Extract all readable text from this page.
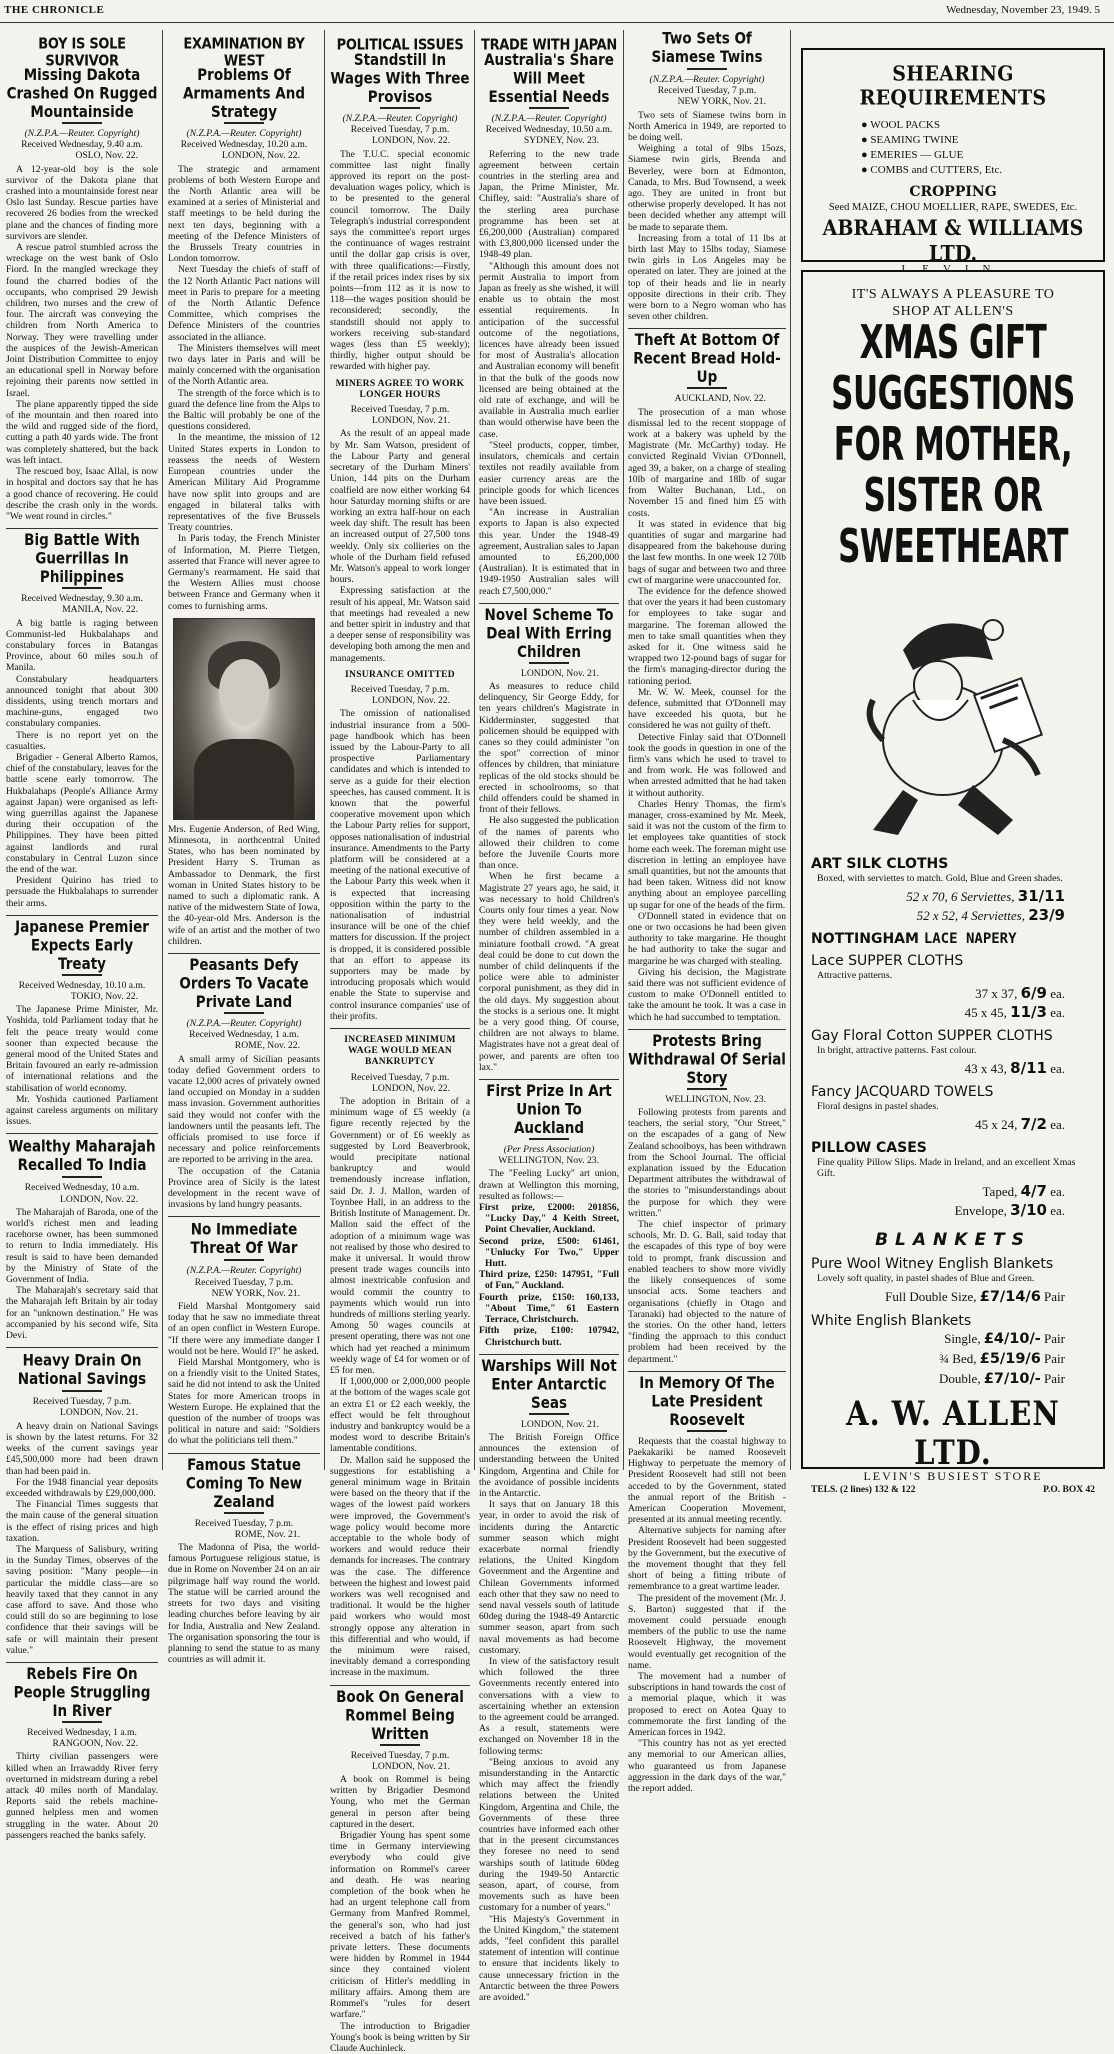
THE CHRONICLE	Wednesday, November 23, 1949. 5
BOY IS SOLE SURVIVOR
Missing Dakota Crashed On Rugged Mountainside
(N.Z.P.A.—Reuter. Copyright)
Received Wednesday, 9.40 a.m.
OSLO, Nov. 22.

A 12-year-old boy is the sole survivor of the Dakota plane that crashed into a mountainside forest near Oslo last Sunday. Rescue parties have recovered 26 bodies from the wrecked plane and the chances of finding more survivors are slender.

A rescue patrol stumbled across the wreckage on the west bank of Oslo Fiord. In the mangled wreckage they found the charred bodies of the occupants, who comprised 29 Jewish children, two nurses and the crew of four. The aircraft was conveying the children from North America to Norway. They were travelling under the auspices of the Jewish-American Joint Distribution Committee to enjoy an educational spell in Norway before rejoining their parents now settled in Israel.

The plane apparently tipped the side of the mountain and then roared into the wild and rugged side of the fiord, cutting a path 40 yards wide. The front was completely shattered, but the back was left intact.

The rescued boy, Isaac Allal, is now in hospital and doctors say that he has a good chance of recovering. He could describe the crash only in the words. "We went round in circles."

Big Battle With Guerrillas In Philippines
Received Wednesday, 9.30 a.m.
MANILA, Nov. 22.

A big battle is raging between Communist-led Hukbalahaps and constabulary forces in Batangas Province, about 60 miles sou.h of Manila.

Constabulary headquarters announced tonight that about 300 dissidents, using trench mortars and machine-guns, engaged two constabulary companies.

There is no report yet on the casualties.

Brigadier - General Alberto Ramos, chief of the constabulary, leaves for the battle scene early tomorrow. The Hukbalahaps (People's Alliance Army against Japan) were organised as left-wing guerrillas against the Japanese during their occupation of the Philippines. They have been pitted against landlords and rural constabulary in Central Luzon since the end of the war.

President Quirino has tried to persuade the Hukbalahaps to surrender their arms.

Japanese Premier Expects Early Treaty
Received Wednesday, 10.10 a.m.
TOKIO, Nov. 22.

The Japanese Prime Minister, Mr. Yoshida, told Parliament today that he felt the peace treaty would come sooner than expected because the general mood of the United States and Britain favoured an early re-admission of international relations and the stabilisation of world economy.

Mr. Yoshida cautioned Parliament against careless arguments on military issues.

Wealthy Maharajah Recalled To India
Received Wednesday, 10 a.m.
LONDON, Nov. 22.

The Maharajah of Baroda, one of the world's richest men and leading racehorse owner, has been summoned to return to India immediately. His result is said to have been demanded by the Ministry of State of the Government of India.

The Maharajah's secretary said that the Maharajah left Britain by air today for an "unknown destination." He was accompanied by his second wife, Sita Devi.

Heavy Drain On National Savings
Received Tuesday, 7 p.m.
LONDON, Nov. 21.

A heavy drain on National Savings is shown by the latest returns. For 32 weeks of the current savings year £45,500,000 more had been drawn than had been paid in.

For the 1948 financial year deposits exceeded withdrawals by £29,000,000.

The Financial Times suggests that the main cause of the general situation is the effect of rising prices and high taxation.

The Marquess of Salisbury, writing in the Sunday Times, observes of the saving position: "Many people—in particular the middle class—are so heavily taxed that they cannot in any case afford to save. And those who could still do so are beginning to lose confidence that their savings will be safe or will maintain their present value."

Rebels Fire On People Struggling In River
Received Wednesday, 1 a.m.
RANGOON, Nov. 22.

Thirty civilian passengers were killed when an Irrawaddy River ferry overturned in midstream during a rebel attack 40 miles north of Mandalay. Reports said the rebels machine-gunned helpless men and women struggling in the water. About 20 passengers reached the banks safely.

EXAMINATION BY WEST
Problems Of Armaments And Strategy
(N.Z.P.A.—Reuter. Copyright)
Received Wednesday, 10.20 a.m.
LONDON, Nov. 22.

The strategic and armament problems of both Western Europe and the North Atlantic area will be examined at a series of Ministerial and staff meetings to be held during the next ten days, beginning with a meeting of the Defence Ministers of the Brussels Treaty countries in London tomorrow.

Next Tuesday the chiefs of staff of the 12 North Atlantic Pact nations will meet in Paris to prepare for a meeting of the North Atlantic Defence Committee, which comprises the Defence Ministers of the countries associated in the alliance.

The Ministers themselves will meet two days later in Paris and will be mainly concerned with the organisation of the North Atlantic area.

The strength of the force which is to guard the defence line from the Alps to the Baltic will probably be one of the questions considered.

In the meantime, the mission of 12 United States experts in London to reassess the needs of Western European countries under the American Military Aid Programme have now split into groups and are engaged in bilateral talks with representatives of the five Brussels Treaty countries.

In Paris today, the French Minister of Information, M. Pierre Tietgen, asserted that France will never agree to Germany's rearmament. He said that the Western Allies must choose between France and Germany when it comes to furnishing arms.

Mrs. Eugenie Anderson, of Red Wing, Minnesota, in northcentral United States, who has been nominated by President Harry S. Truman as Ambassador to Denmark, the first woman in United States history to be named to such a diplomatic rank. A native of the midwestern State of Iowa, the 40-year-old Mrs. Anderson is the wife of an artist and the mother of two children.
Peasants Defy Orders To Vacate Private Land
(N.Z.P.A.—Reuter. Copyright)
Received Wednesday, 1 a.m.
ROME, Nov. 22.

A small army of Sicilian peasants today defied Government orders to vacate 12,000 acres of privately owned land occupied on Monday in a sudden mass invasion. Government authorities said they would not confer with the landowners until the peasants left. The officials promised to use force if necessary and police reinforcements are reported to be arriving in the area.

The occupation of the Catania Province area of Sicily is the latest development in the recent wave of invasions by land hungry peasants.

No Immediate Threat Of War
(N.Z.P.A.—Reuter. Copyright)
Received Tuesday, 7 p.m.
NEW YORK, Nov. 21.

Field Marshal Montgomery said today that he saw no immediate threat of an open conflict in Western Europe. "If there were any immediate danger I would not be here. Would I?" he asked.

Field Marshal Montgomery, who is on a friendly visit to the United States, said he did not intend to ask the United States for more American troops in Western Europe. He explained that the question of the number of troops was political in nature and said: "Soldiers do what the politicians tell them."

Famous Statue Coming To New Zealand
Received Tuesday, 7 p.m.
ROME, Nov. 21.

The Madonna of Pisa, the world-famous Portuguese religious statue, is due in Rome on November 24 on an air pilgrimage half way round the world. The statue will be carried around the streets for two days and visiting leading churches before leaving by air for India, Australia and New Zealand. The organisation sponsoring the tour is planning to send the statue to as many countries as will admit it.

POLITICAL ISSUES
Standstill In Wages With Three Provisos
(N.Z.P.A.—Reuter. Copyright)
Received Tuesday, 7 p.m.
LONDON, Nov. 22.

The T.U.C. special economic committee last night finally approved its report on the post-devaluation wages policy, which is to be presented to the general council tomorrow. The Daily Telegraph's industrial correspondent says the committee's report urges the continuance of wages restraint until the dollar gap crisis is over, with three qualifications:—Firstly, if the retail prices index rises by six points—from 112 as it is now to 118—the wages position should be reconsidered; secondly, the standstill should not apply to workers receiving sub-standard wages (less than £5 weekly); thirdly, higher output should be rewarded with higher pay.

MINERS AGREE TO WORK LONGER HOURS
Received Tuesday, 7 p.m.
LONDON, Nov. 21.

As the result of an appeal made by Mr. Sam Watson, president of the Labour Party and general secretary of the Durham Miners' Union, 144 pits on the Durham coalfield are now either working 64 hour Saturday morning shifts or are working an extra half-hour on each week day shift. The result has been an increased output of 27,500 tons weekly. Only six collieries on the whole of the Durham field refused Mr. Watson's appeal to work longer hours.

Expressing satisfaction at the result of his appeal, Mr. Watson said that meetings had revealed a new and better spirit in industry and that a deeper sense of responsibility was developing both among the men and managements.

INSURANCE OMITTED
Received Tuesday, 7 p.m.
LONDON, Nov. 22.

The omission of nationalised industrial insurance from a 500-page handbook which has been issued by the Labour-Party to all prospective Parliamentary candidates and which is intended to serve as a guide for their election speeches, has caused comment. It is known that the powerful cooperative movement upon which the Labour Party relies for support, opposes nationalisation of industrial insurance. Amendments to the Party platform will be considered at a meeting of the national executive of the Labour Party this week when it is expected that increasing opposition within the party to the nationalisation of industrial insurance will be one of the chief matters for discussion. If the project is dropped, it is considered possible that an effort to appease its supporters may be made by introducing proposals which would enable the State to supervise and control insurance companies' use of their profits.

INCREASED MINIMUM WAGE WOULD MEAN BANKRUPTCY
Received Tuesday, 7 p.m.
LONDON, Nov. 22.

The adoption in Britain of a minimum wage of £5 weekly (a figure recently rejected by the Government) or of £6 weekly as suggested by Lord Beaverbrook, would precipitate national bankruptcy and would tremendously increase inflation, said Dr. J. J. Mallon, warden of Toynbee Hall, in an address to the British Institute of Management. Dr. Mallon said the effect of the adoption of a minimum wage was not realised by those who desired to make it universal. It would throw present trade wages councils into almost inextricable confusion and would commit the country to payments which would run into hundreds of millions sterling yearly. Among 50 wages councils at present operating, there was not one which had yet reached a minimum weekly wage of £4 for women or of £5 for men.

If 1,000,000 or 2,000,000 people at the bottom of the wages scale got an extra £1 or £2 each weekly, the effect would be felt throughout industry and bankruptcy would be a modest word to describe Britain's lamentable conditions.

Dr. Mallon said he supposed the suggestions for establishing a general minimum wage in Britain were based on the theory that if the wages of the lowest paid workers were improved, the Government's wage policy would become more acceptable to the whole body of workers and would reduce their demands for increases. The contrary was the case. The difference between the highest and lowest paid workers was well recognised and traditional. It would be the higher paid workers who would most strongly oppose any alteration in this differential and who would, if the minimum were raised, inevitably demand a corresponding increase in the maximum.

Book On General Rommel Being Written
Received Tuesday, 7 p.m.
LONDON, Nov. 21.

A book on Rommel is being written by Brigadier Desmond Young, who met the German general in person after being captured in the desert.

Brigadier Young has spent some time in Germany interviewing everybody who could give information on Rommel's career and death. He was nearing completion of the book when he had an urgent telephone call from Germany from Manfred Rommel, the general's son, who had just received a batch of his father's private letters. These documents were hidden by Rommel in 1944 since they contained violent criticism of Hitler's meddling in military affairs. Among them are Rommel's "rules for desert warfare."

The introduction to Brigadier Young's book is being written by Sir Claude Auchinleck.

TRADE WITH JAPAN
Australia's Share Will Meet Essential Needs
(N.Z.P.A.—Reuter. Copyright)
Received Wednesday, 10.50 a.m.
SYDNEY, Nov. 23.

Referring to the new trade agreement between certain countries in the sterling area and Japan, the Prime Minister, Mr. Chifley, said: "Australia's share of the sterling area purchase programme has been set at £6,200,000 (Australian) compared with £3,800,000 licensed under the 1948-49 plan.

"Although this amount does not permit Australia to import from Japan as freely as she wished, it will enable us to obtain the most essential requirements. In anticipation of the successful outcome of the negotiations, licences have already been issued for most of Australia's allocation and Australian economy will benefit in that the bulk of the goods now licensed are being obtained at the old rate of exchange, and will be available in Australia much earlier than would otherwise have been the case.

"Steel products, copper, timber, insulators, chemicals and certain textiles not readily available from easier currency areas are the principle goods for which licences have been issued.

"An increase in Australian exports to Japan is also expected this year. Under the 1948-49 agreement, Australian sales to Japan amounted to £6,200,000 (Australian). It is estimated that in 1949-1950 Australian sales will reach £7,500,000."

Novel Scheme To Deal With Erring Children
LONDON, Nov. 21.

As measures to reduce child delinquency, Sir George Eddy, for ten years children's Magistrate in Kidderminster, suggested that policemen should be equipped with canes so they could administer "on the spot" correction of minor offences by children, that miniature replicas of the old stocks should be erected in schoolrooms, so that child offenders could be shamed in front of their fellows.

He also suggested the publication of the names of parents who allowed their children to come before the Juvenile Courts more than once.

When he first became a Magistrate 27 years ago, he said, it was necessary to hold Children's Courts only four times a year. Now they were held weekly, and the number of children assembled in a miniature football crowd. "A great deal could be done to cut down the number of child delinquents if the police were able to administer corporal punishment, as they did in the old days. My suggestion about the stocks is a serious one. It might be a very good thing. Of course, children are not always to blame. Magistrates have not a great deal of power, and parents are often too lax."

First Prize In Art Union To Auckland
(Per Press Association)
WELLINGTON, Nov. 23.

The "Feeling Lucky" art union, drawn at Wellington this morning, resulted as follows:—

First prize, £2000: 201856, "Lucky Day," 4 Keith Street, Point Chevalier, Auckland.
Second prize, £500: 61461, "Unlucky For Two," Upper Hutt.
Third prize, £250: 147951, "Full of Fun," Auckland.
Fourth prize, £150: 160,133, "About Time," 61 Eastern Terrace, Christchurch.
Fifth prize, £100: 107942, Christchurch butt.
Warships Will Not Enter Antarctic Seas
LONDON, Nov. 21.

The British Foreign Office announces the extension of understanding between the United Kingdom, Argentina and Chile for the avoidance of possible incidents in the Antarctic.

It says that on January 18 this year, in order to avoid the risk of incidents during the Antarctic summer season which might exacerbate normal friendly relations, the United Kingdom Government and the Argentine and Chilean Governments informed each other that they saw no need to send naval vessels south of latitude 60deg during the 1948-49 Antarctic summer season, apart from such naval movements as had become customary.

In view of the satisfactory result which followed the three Governments recently entered into conversations with a view to ascertaining whether an extension to the agreement could be arranged. As a result, statements were exchanged on November 18 in the following terms:

"Being anxious to avoid any misunderstanding in the Antarctic which may affect the friendly relations between the United Kingdom, Argentina and Chile, the Governments of these three countries have informed each other that in the present circumstances they foresee no need to send warships south of latitude 60deg during the 1949-50 Antarctic season, apart, of course, from movements such as have been customary for a number of years."

"His Majesty's Government in the United Kingdom," the statement adds, "feel confident this parallel statement of intention will continue to ensure that incidents likely to cause unnecessary friction in the Antarctic between the three Powers are avoided."

Two Sets Of Siamese Twins
(N.Z.P.A.—Reuter. Copyright)
Received Tuesday, 7 p.m.
NEW YORK, Nov. 21.

Two sets of Siamese twins born in North America in 1949, are reported to be doing well.

Weighing a total of 9lbs 15ozs, Siamese twin girls, Brenda and Beverley, were born at Edmonton, Canada, to Mrs. Bud Townsend, a week ago. They are united in front but otherwise properly developed. It has not been decided whether any attempt will be made to separate them.

Increasing from a total of 11 lbs at birth last May to 15lbs today, Siamese twin girls in Los Angeles may be operated on later. They are joined at the top of their heads and lie in nearly opposite directions in their crib. They were born to a Negro woman who has seven other children.

Theft At Bottom Of Recent Bread Hold-Up
AUCKLAND, Nov. 22.

The prosecution of a man whose dismissal led to the recent stoppage of work at a bakery was upheld by the Magistrate (Mr. McCarthy) today. He convicted Reginald Vivian O'Donnell, aged 39, a baker, on a charge of stealing 10lb of margarine and 18lb of sugar from Walter Buchanan, Ltd., on November 15 and fined him £5 with costs.

It was stated in evidence that big quantities of sugar and margarine had disappeared from the bakehouse during the last few months. In one week 12 70lb bags of sugar and between two and three cwt of margarine were unaccounted for.

The evidence for the defence showed that over the years it had been customary for employees to take sugar and margarine. The foreman allowed the men to take small quantities when they asked for it. One witness said he wrapped two 12-pound bags of sugar for the firm's managing-director during the rationing period.

Mr. W. W. Meek, counsel for the defence, submitted that O'Donnell may have exceeded his quota, but he considered he was not guilty of theft.

Detective Finlay said that O'Donnell took the goods in question in one of the firm's vans which he used to travel to and from work. He was followed and when arrested admitted that he had taken it without authority.

Charles Henry Thomas, the firm's manager, cross-examined by Mr. Meek, said it was not the custom of the firm to let employees take quantities of stock home each week. The foreman might use discretion in letting an employee have small quantities, but not the amounts that had been taken. Witness did not know anything about an employee parcelling up sugar for one of the heads of the firm.

O'Donnell stated in evidence that on one or two occasions he had been given authority to take margarine. He thought he had authority to take the sugar and margarine he was charged with stealing.

Giving his decision, the Magistrate said there was not sufficient evidence of custom to make O'Donnell entitled to take the amount he took. It was a case in which he had succumbed to temptation.

Protests Bring Withdrawal Of Serial Story
WELLINGTON, Nov. 23.

Following protests from parents and teachers, the serial story, "Our Street," on the escapades of a gang of New Zealand schoolboys, has been withdrawn from the School Journal. The official explanation issued by the Education Department attributes the withdrawal of the stories to "misunderstandings about the purpose for which they were written."

The chief inspector of primary schools, Mr. D. G. Ball, said today that the escapades of this type of boy were told to prompt, frank discussion and enabled teachers to show more vividly the likely consequences of some unsocial acts. Some teachers and organisations (chiefly in Otago and Taranaki) had objected to the nature of the stories. On the other hand, letters "finding the approach to this conduct problem had been received by the department."

In Memory Of The Late President Roosevelt

Requests that the coastal highway to Paekakariki be named Roosevelt Highway to perpetuate the memory of President Roosevelt had still not been acceded to by the Government, stated the annual report of the British - American Cooperation Movement, presented at its annual meeting recently.

Alternative subjects for naming after President Roosevelt had been suggested by the Government, but the executive of the movement thought that they fell short of being a fitting tribute of remembrance to a great wartime leader.

The president of the movement (Mr. J. S. Barton) suggested that if the movement could persuade enough members of the public to use the name Roosevelt Highway, the movement would eventually get recognition of the name.

The movement had a number of subscriptions in hand towards the cost of a memorial plaque, which it was proposed to erect on Aotea Quay to commemorate the first landing of the American forces in 1942.

"This country has not as yet erected any memorial to our American allies, who guaranteed us from Japanese aggression in the dark days of the war," the report added.

SHEARING REQUIREMENTS
● WOOL PACKS
● SEAMING TWINE
● EMERIES — GLUE
● COMBS and CUTTERS, Etc.
CROPPING
Seed MAIZE, CHOU MOELLIER, RAPE, SWEDES, Etc.
ABRAHAM & WILLIAMS LTD.
LEVIN
IT'S ALWAYS A PLEASURE TO SHOP AT ALLEN'S
XMAS GIFT SUGGESTIONS FOR MOTHER, SISTER OR SWEETHEART
ART SILK CLOTHS
Boxed, with serviettes to match. Gold, Blue and Green shades.
52 x 70, 6 Serviettes, 31/11
52 x 52, 4 Serviettes, 23/9
NOTTINGHAM LACE NAPERY
Lace SUPPER CLOTHS
Attractive patterns.
37 x 37, 6/9 ea.
45 x 45, 11/3 ea.
Gay Floral Cotton SUPPER CLOTHS
In bright, attractive patterns. Fast colour.
43 x 43, 8/11 ea.
Fancy JACQUARD TOWELS
Floral designs in pastel shades.
45 x 24, 7/2 ea.
PILLOW CASES
Fine quality Pillow Slips. Made in Ireland, and an excellent Xmas Gift.
Taped, 4/7 ea.
Envelope, 3/10 ea.
BLANKETS
Pure Wool Witney English Blankets
Lovely soft quality, in pastel shades of Blue and Green.
Full Double Size, £7/14/6 Pair
White English Blankets
Single, £4/10/- Pair
¾ Bed, £5/19/6 Pair
Double, £7/10/- Pair
A. W. ALLEN LTD.
LEVIN'S BUSIEST STORE
TELS. (2 lines) 132 & 122	P.O. BOX 42
